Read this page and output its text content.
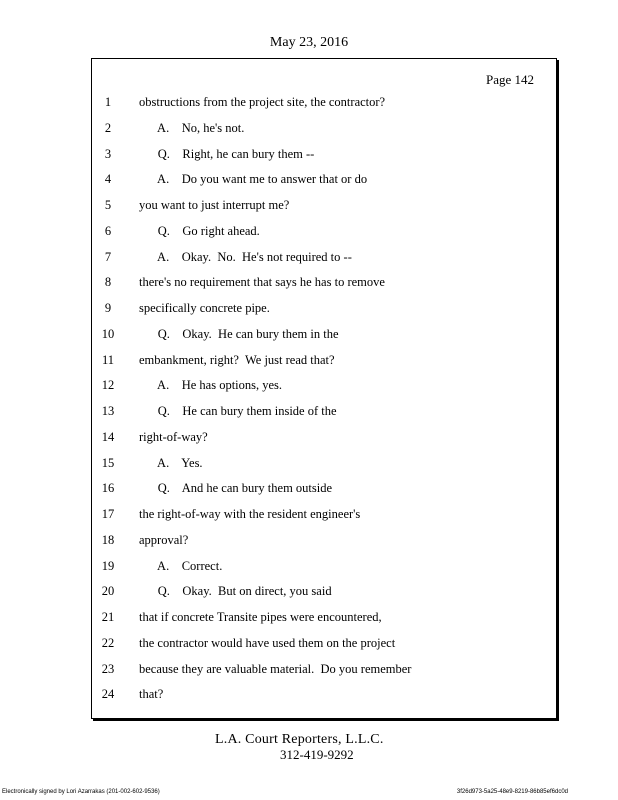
May 23, 2016
Page 142
1
2
3
4
5
6
7
8
9
10
11
12
13
14
15
16
17
18
19
20
21
22
23
24
obstructions from the project site, the contractor?
A.    No, he's not.
Q.    Right, he can bury them --
A.    Do you want me to answer that or do
you want to just interrupt me?
Q.    Go right ahead.
A.    Okay.  No.  He's not required to --
there's no requirement that says he has to remove
specifically concrete pipe.
Q.    Okay.  He can bury them in the
embankment, right?  We just read that?
A.    He has options, yes.
Q.    He can bury them inside of the
right-of-way?
A.    Yes.
Q.    And he can bury them outside
the right-of-way with the resident engineer's
approval?
A.    Correct.
Q.    Okay.  But on direct, you said
that if concrete Transite pipes were encountered,
the contractor would have used them on the project
because they are valuable material.  Do you remember
that?
L.A. Court Reporters, L.L.C.
312-419-9292
Electronically signed by Lori Azarrakas (201-002-602-9536)	3f26d973-5a25-48e9-8219-86b85ef6dc0d
